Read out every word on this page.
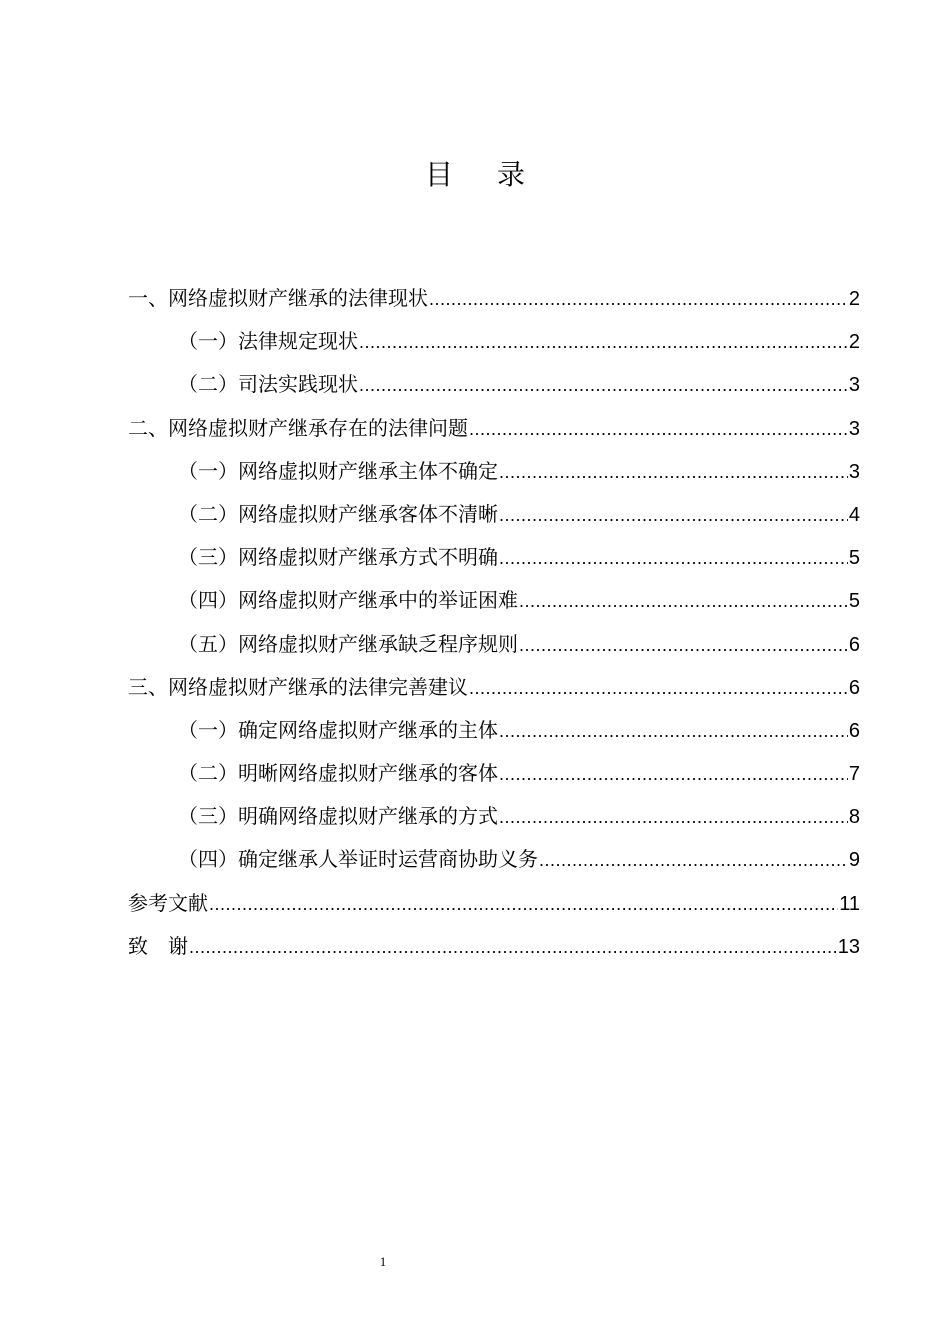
目 录
一、网络虚拟财产继承的法律现状 .....	2
（一）法律规定现状 .....	2
（二）司法实践现状 .....	3
二、网络虚拟财产继承存在的法律问题 .....	3
（一）网络虚拟财产继承主体不确定 .....	3
（二）网络虚拟财产继承客体不清晰 .....	4
（三）网络虚拟财产继承方式不明确 .....	5
（四）网络虚拟财产继承中的举证困难 .....	5
（五）网络虚拟财产继承缺乏程序规则 .....	6
三、网络虚拟财产继承的法律完善建议 .....	6
（一）确定网络虚拟财产继承的主体 .....	6
（二）明晰网络虚拟财产继承的客体 .....	7
（三）明确网络虚拟财产继承的方式 .....	8
（四）确定继承人举证时运营商协助义务 .....	9
参考文献 .....	11
致　谢 .....	13
1
